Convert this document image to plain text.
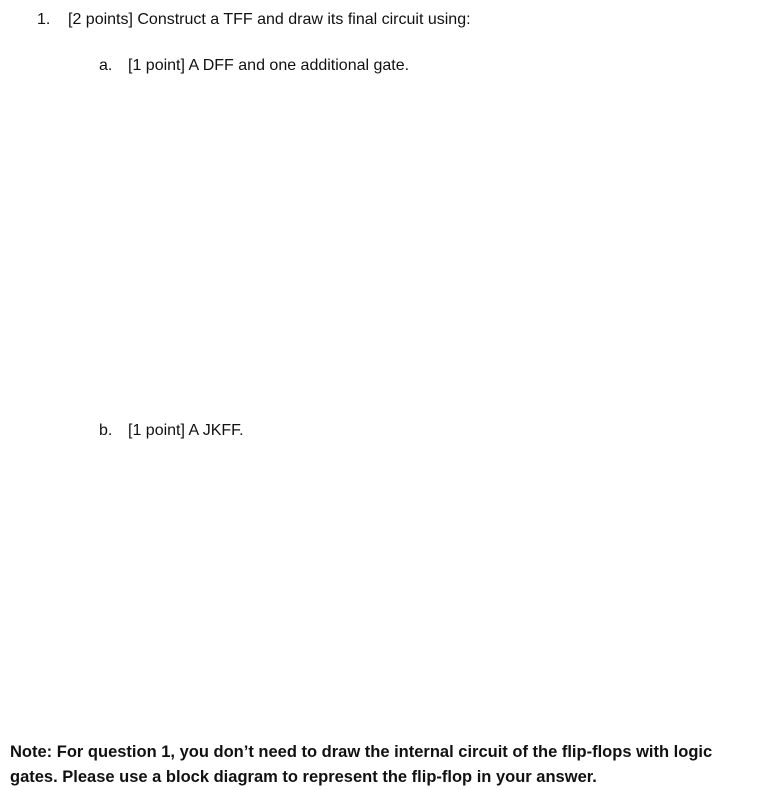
1. [2 points] Construct a TFF and draw its final circuit using:
a. [1 point] A DFF and one additional gate.
b. [1 point] A JKFF.
Note: For question 1, you don’t need to draw the internal circuit of the flip-flops with logic gates. Please use a block diagram to represent the flip-flop in your answer.
